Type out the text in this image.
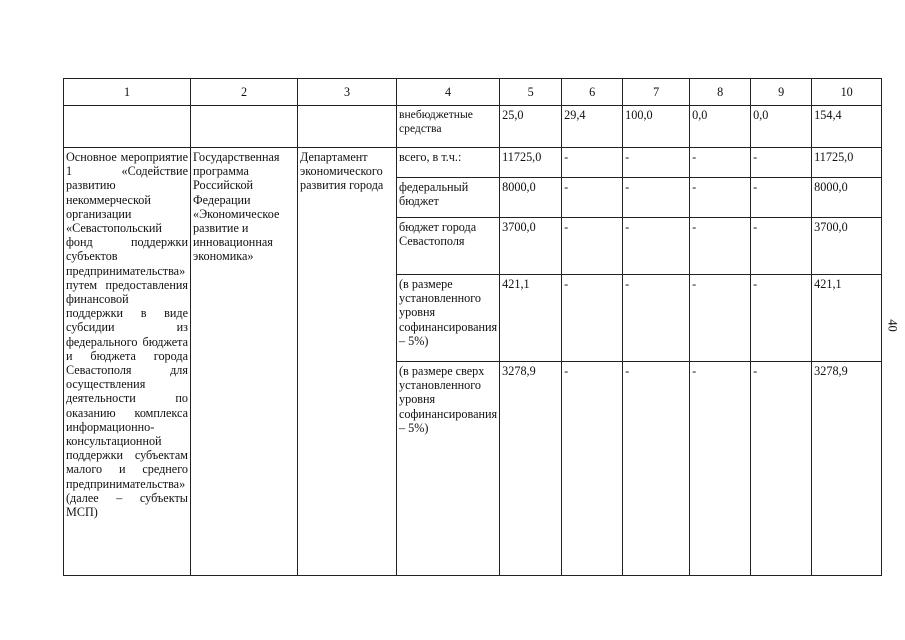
1	2	3	4	5	6	7	8	9	10
			внебюджетные средства	25,0	29,4	100,0	0,0	0,0	154,4
Основное мероприятие 1 «Содействие развитию некоммерческой организации «Севастопольский фонд поддержки субъектов предпринимательства» путем предоставления финансовой поддержки в виде субсидии из федерального бюджета и бюджета города Севастополя для осуществления деятельности по оказанию комплекса информационно-консультационной поддержки субъектам малого и среднего предпринимательства» (далее – субъекты МСП)	Государственная программа Российской Федерации «Экономическое развитие и инновационная экономика»	Департамент экономического развития города	всего, в т.ч.:	11725,0	-	-	-	-	11725,0
			федеральный бюджет	8000,0	-	-	-	-	8000,0
			бюджет города Севастополя	3700,0	-	-	-	-	3700,0
			(в размере установленного уровня софинансирования – 5%)	421,1	-	-	-	-	421,1
			(в размере сверх установленного уровня софинансирования – 5%)	3278,9	-	-	-	-	3278,9
40
